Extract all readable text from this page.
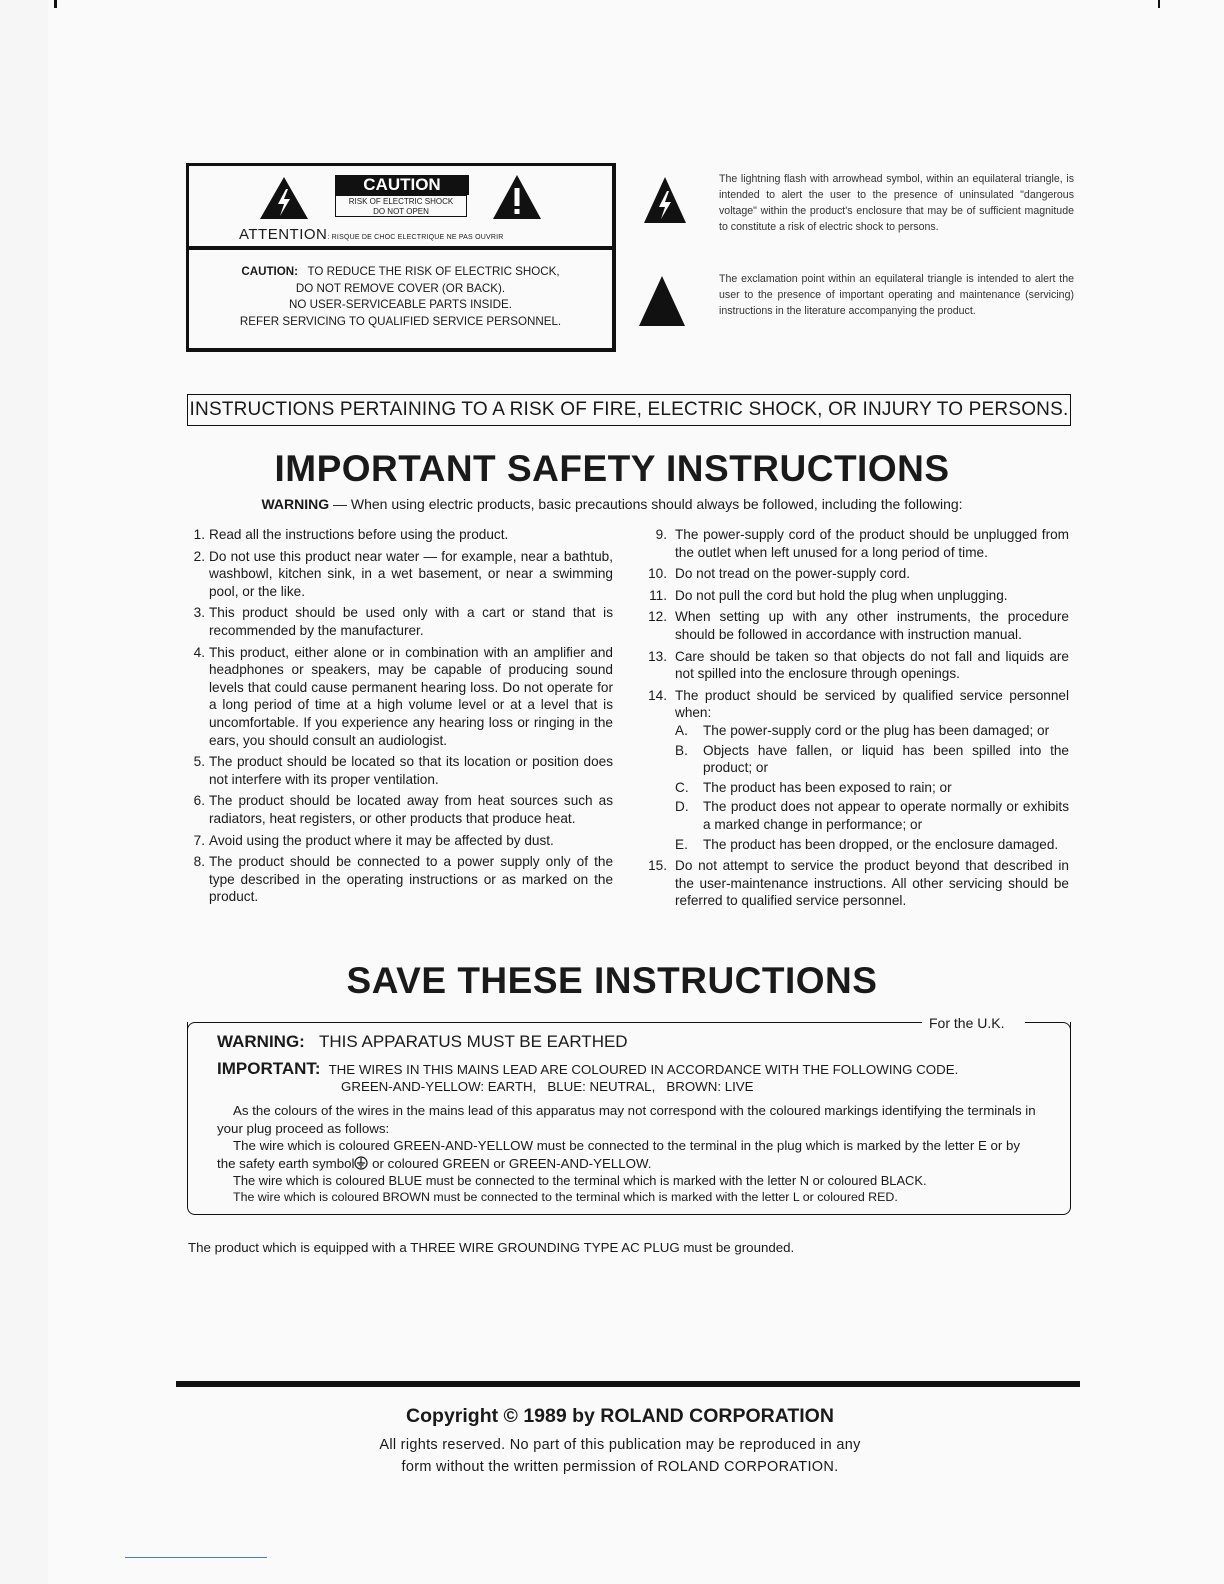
CAUTION
RISK OF ELECTRIC SHOCK
DO NOT OPEN
ATTENTION: RISQUE DE CHOC ELECTRIQUE NE PAS OUVRIR
CAUTION: TO REDUCE THE RISK OF ELECTRIC SHOCK,
DO NOT REMOVE COVER (OR BACK).
NO USER-SERVICEABLE PARTS INSIDE.
REFER SERVICING TO QUALIFIED SERVICE PERSONNEL.
The lightning flash with arrowhead symbol, within an equilateral triangle, is intended to alert the user to the presence of uninsulated "dangerous voltage" within the product's enclosure that may be of sufficient magnitude to constitute a risk of electric shock to persons.
The exclamation point within an equilateral triangle is intended to alert the user to the presence of important operating and maintenance (servicing) instructions in the literature accompanying the product.
INSTRUCTIONS PERTAINING TO A RISK OF FIRE, ELECTRIC SHOCK, OR INJURY TO PERSONS.
IMPORTANT SAFETY INSTRUCTIONS
WARNING — When using electric products, basic precautions should always be followed, including the following:
1. Read all the instructions before using the product.
2. Do not use this product near water — for example, near a bathtub, washbowl, kitchen sink, in a wet basement, or near a swimming pool, or the like.
3. This product should be used only with a cart or stand that is recommended by the manufacturer.
4. This product, either alone or in combination with an amplifier and headphones or speakers, may be capable of producing sound levels that could cause permanent hearing loss. Do not operate for a long period of time at a high volume level or at a level that is uncomfortable. If you experience any hearing loss or ringing in the ears, you should consult an audiologist.
5. The product should be located so that its location or position does not interfere with its proper ventilation.
6. The product should be located away from heat sources such as radiators, heat registers, or other products that produce heat.
7. Avoid using the product where it may be affected by dust.
8. The product should be connected to a power supply only of the type described in the operating instructions or as marked on the product.
9. The power-supply cord of the product should be unplugged from the outlet when left unused for a long period of time.
10. Do not tread on the power-supply cord.
11. Do not pull the cord but hold the plug when unplugging.
12. When setting up with any other instruments, the procedure should be followed in accordance with instruction manual.
13. Care should be taken so that objects do not fall and liquids are not spilled into the enclosure through openings.
14. The product should be serviced by qualified service personnel when:
A. The power-supply cord or the plug has been damaged; or
B. Objects have fallen, or liquid has been spilled into the product; or
C. The product has been exposed to rain; or
D. The product does not appear to operate normally or exhibits a marked change in performance; or
E. The product has been dropped, or the enclosure damaged.
15. Do not attempt to service the product beyond that described in the user-maintenance instructions. All other servicing should be referred to qualified service personnel.
SAVE THESE INSTRUCTIONS
For the U.K.
WARNING: THIS APPARATUS MUST BE EARTHED
IMPORTANT: THE WIRES IN THIS MAINS LEAD ARE COLOURED IN ACCORDANCE WITH THE FOLLOWING CODE.
GREEN-AND-YELLOW: EARTH,   BLUE: NEUTRAL,   BROWN: LIVE
As the colours of the wires in the mains lead of this apparatus may not correspond with the coloured markings identifying the terminals in your plug proceed as follows:
The wire which is coloured GREEN-AND-YELLOW must be connected to the terminal in the plug which is marked by the letter E or by the safety earth symbol or coloured GREEN or GREEN-AND-YELLOW.
The wire which is coloured BLUE must be connected to the terminal which is marked with the letter N or coloured BLACK.
The wire which is coloured BROWN must be connected to the terminal which is marked with the letter L or coloured RED.
The product which is equipped with a THREE WIRE GROUNDING TYPE AC PLUG must be grounded.
Copyright © 1989 by ROLAND CORPORATION
All rights reserved. No part of this publication may be reproduced in any
form without the written permission of ROLAND CORPORATION.
